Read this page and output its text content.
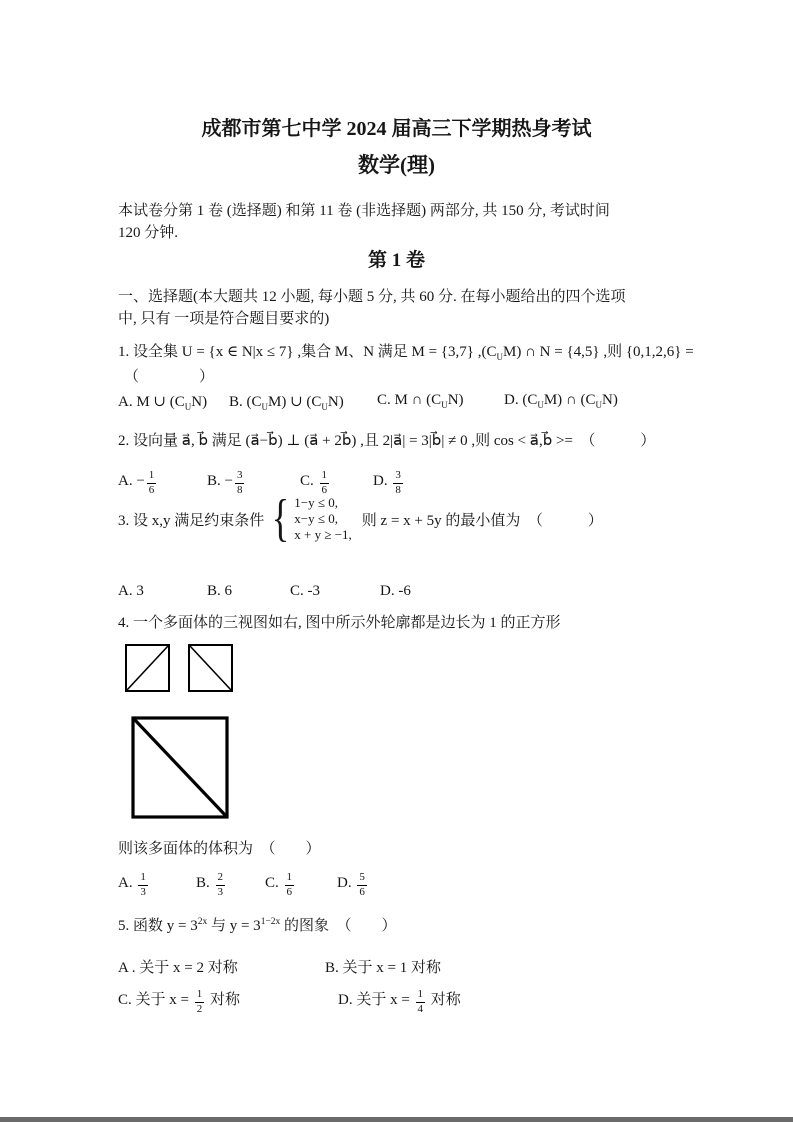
成都市第七中学 2024 届高三下学期热身考试
数学(理)
本试卷分第 1 卷 (选择题) 和第 11 卷 (非选择题) 两部分, 共 150 分, 考试时间
120 分钟.
第 1 卷
一、选择题(本大题共 12 小题, 每小题 5 分, 共 60 分. 在每小题给出的四个选项
中, 只有 一项是符合题目要求的)
1. 设全集 U = {x ∈ N|x ≤ 7} ,集合 M、N 满足 M = {3,7} $,(C_UM)$ ∩ N = {4,5} ,则 {0,1,2,6} =
（　　　　）
A. M ∪ $(C_UN)$ B. $(C_UM)$ ∪ $(C_UN)$ C. M ∩ $(C_UN)$	D. $(C_UM)$ ∩ $(C_UN)$
2. 设向量 a⃗, b⃗ 满足 (a⃗−b⃗) ⊥ (a⃗ + 2b⃗) ,且 2|a⃗| = 3|b⃗| ≠ 0 ,则 cos < a⃗,b⃗ >=　（　　　）
A. − $\frac{1}{6}$	B. − $\frac{3}{8}$	C. $\frac{1}{6}$	D. $\frac{3}{8}$
3. 设 x,y 满足约束条件 { 1−y ≤ 0,
x−y ≤ 0,
x + y ≥ −1,
则 z = x + 5y 的最小值为　（　　　）
A. 3	B. 6	C. -3	D. -6
4. 一个多面体的三视图如右, 图中所示外轮廓都是边长为 1 的正方形
则该多面体的体积为　（　　）
A. $\frac{1}{3}$	B. $\frac{2}{3}$	C. $\frac{1}{6}$	D. $\frac{5}{6}$
5. 函数 $y = 3^{2x}$ 与 $y = 3^{1-2x}$ 的图象　（　　）
A . 关于 x = 2 对称	B. 关于 x = 1 对称
C. 关于 $x = \frac{1}{2}$ 对称	D. 关于 $x = \frac{1}{4}$ 对称
